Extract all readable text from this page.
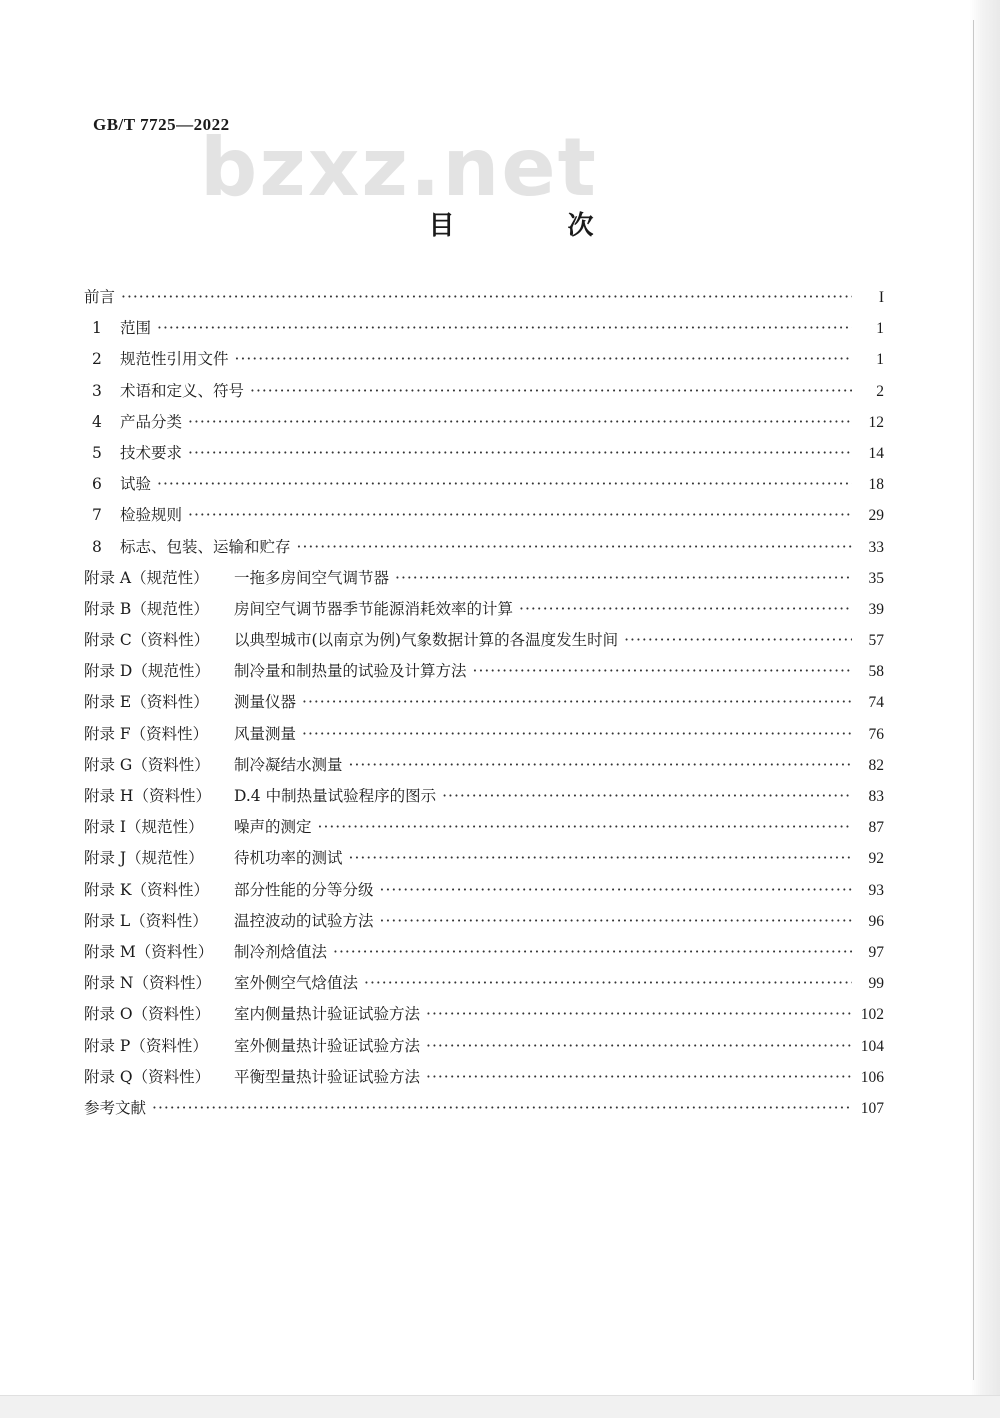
GB/T 7725—2022
bzxz.net
目 次
前言 ·····	I
1 范围 ·····	1
2 规范性引用文件 ·····	1
3 术语和定义、符号 ·····	2
4 产品分类 ·····	12
5 技术要求 ·····	14
6 试验 ·····	18
7 检验规则 ·····	29
8 标志、包装、运输和贮存 ·····	33
附录 A（规范性） 一拖多房间空气调节器 ·····	35
附录 B（规范性） 房间空气调节器季节能源消耗效率的计算 ·····	39
附录 C（资料性） 以典型城市(以南京为例)气象数据计算的各温度发生时间 ·····	57
附录 D（规范性） 制冷量和制热量的试验及计算方法 ·····	58
附录 E（资料性） 测量仪器 ·····	74
附录 F（资料性） 风量测量 ·····	76
附录 G（资料性） 制冷凝结水测量 ·····	82
附录 H（资料性） D.4 中制热量试验程序的图示 ·····	83
附录 I（规范性） 噪声的测定 ·····	87
附录 J（规范性） 待机功率的测试 ·····	92
附录 K（资料性） 部分性能的分等分级 ·····	93
附录 L（资料性） 温控波动的试验方法 ·····	96
附录 M（资料性） 制冷剂焓值法 ·····	97
附录 N（资料性） 室外侧空气焓值法 ·····	99
附录 O（资料性） 室内侧量热计验证试验方法 ·····	102
附录 P（资料性） 室外侧量热计验证试验方法 ·····	104
附录 Q（资料性） 平衡型量热计验证试验方法 ·····	106
参考文献 ·····	107
